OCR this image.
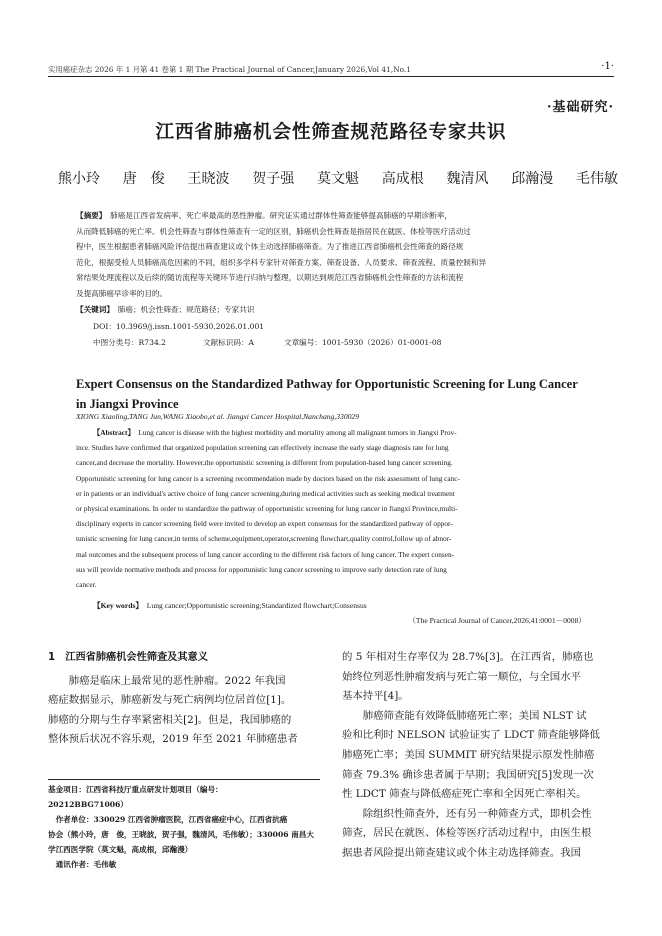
实用癌症杂志 2026 年 1 月第 41 卷第 1 期 The Practical Journal of Cancer,January 2026,Vol 41,No.1	·1·
·基础研究·
江西省肺癌机会性筛查规范路径专家共识
熊小玲 唐　俊 王晓波 贺子强 莫文魁 高成根 魏清风 邱瀚漫 毛伟敏
【摘要】　肺癌是江西省发病率、死亡率最高的恶性肿瘤。研究证实通过群体性筛查能够提高肺癌的早期诊断率，
从而降低肺癌的死亡率。机会性筛查与群体性筛查有一定的区别，肺癌机会性筛查是指居民在就医、体检等医疗活动过
程中，医生根据患者肺癌风险评估提出筛查建议或个体主动选择肺癌筛查。为了推进江西省肺癌机会性筛查的路径规
范化，根据受检人员肺癌高危因素的不同，组织多学科专家针对筛查方案、筛查设备、人员要求、筛查流程、质量控制和异
常结果处理流程以及后续的随访流程等关键环节进行归纳与整理，以期达到规范江西省肺癌机会性筛查的方法和流程
及提高肺癌早诊率的目的。
【关键词】　肺癌；机会性筛查；规范路径；专家共识
DOI：10.3969/j.issn.1001-5930.2026.01.001
中图分类号：R734.2	文献标识码：A	文章编号：1001-5930（2026）01-0001-08
Expert Consensus on the Standardized Pathway for Opportunistic Screening for Lung Cancer in Jiangxi Province
XIONG Xiaoling,TANG Jun,WANG Xiaobo,et al. Jiangxi Cancer Hospital,Nanchang,330029
【Abstract】　Lung cancer is disease with the highest morbidity and mortality among all malignant tumors in Jiangxi Prov-
ince. Studies have confirmed that organized population screening can effectively increase the early stage diagnosis rate for lung
cancer,and decrease the mortality. However,the opportunistic screening is different from population-based lung cancer screening.
Opportunistic screening for lung cancer is a screening recommendation made by doctors based on the risk assessment of lung canc-
er in patients or an individual's active choice of lung cancer screening,during medical activities such as seeking medical treatment
or physical examinations. In order to standardize the pathway of opportunistic screening for lung cancer in Jiangxi Province,multi-
disciplinary experts in cancer screening field were invited to develop an expert consensus for the standardized pathway of oppor-
tunistic screening for lung cancer,in terms of scheme,equipment,operator,screening flowchart,quality control,follow up of abnor-
mal outcomes and the subsequent process of lung cancer according to the different risk factors of lung cancer. The expert consen-
sus will provide normative methods and process for opportunistic lung cancer screening to improve early detection rate of lung
cancer.
【Key words】　Lung cancer;Opportunistic screening;Standardized flowchart;Consensus
（The Practical Journal of Cancer,2026,41:0001－0008）
1　江西省肺癌机会性筛查及其意义
　　肺癌是临床上最常见的恶性肿瘤。2022 年我国
癌症数据显示，肺癌新发与死亡病例均位居首位[1]。
肺癌的分期与生存率紧密相关[2]。但是，我国肺癌的
整体预后状况不容乐观，2019 年至 2021 年肺癌患者
基金项目：江西省科技厅重点研发计划项目（编号：
20212BBG71006）
　作者单位：330029 江西省肿瘤医院，江西省癌症中心，江西省抗癌
协会（熊小玲，唐　俊，王晓波，贺子强，魏清风，毛伟敏）；330006 南昌大
学江西医学院（莫文魁，高成根，邱瀚漫）
　通讯作者：毛伟敏
的 5 年相对生存率仅为 28.7%[3]。在江西省，肺癌也
始终位列恶性肿瘤发病与死亡第一顺位，与全国水平
基本持平[4]。
　　肺癌筛查能有效降低肺癌死亡率；美国 NLST 试
验和比利时 NELSON 试验证实了 LDCT 筛查能够降低
肺癌死亡率；美国 SUMMIT 研究结果提示原发性肺癌
筛查 79.3% 确诊患者属于早期；我国研究[5]发现一次
性 LDCT 筛查与降低癌症死亡率和全因死亡率相关。
　　除组织性筛查外，还有另一种筛查方式，即机会性
筛查，居民在就医、体检等医疗活动过程中，由医生根
据患者风险提出筛查建议或个体主动选择筛查。我国
